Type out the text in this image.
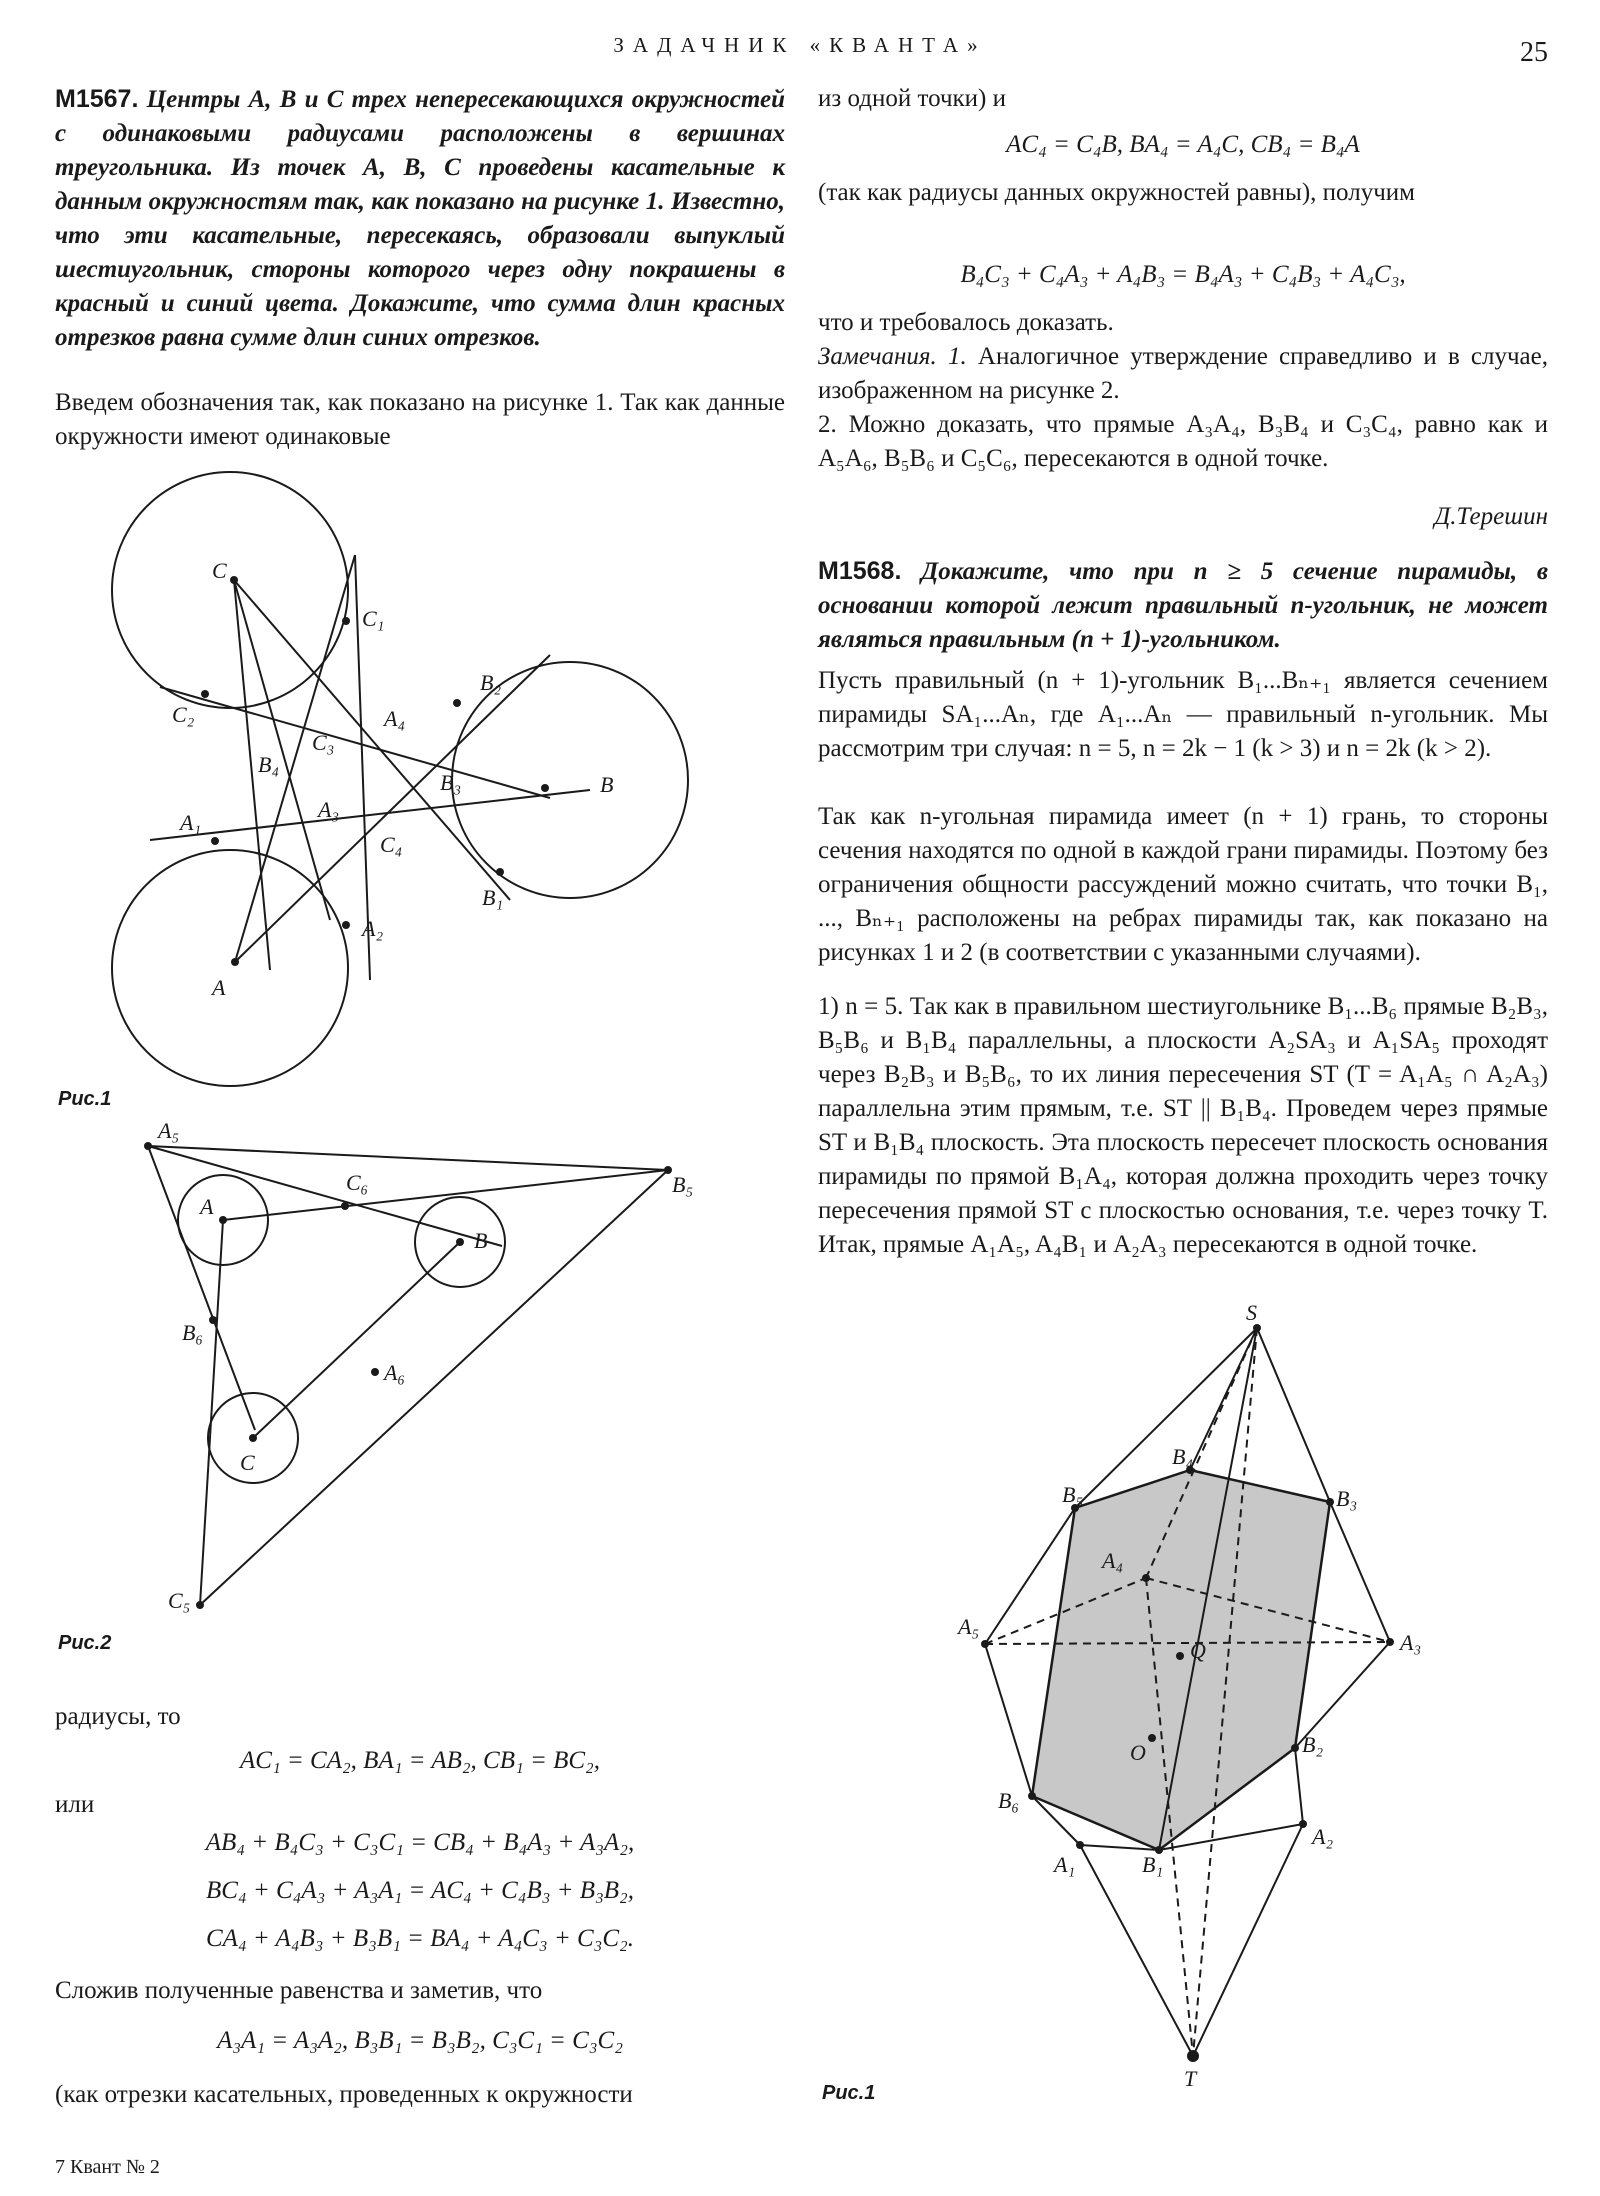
ЗАДАЧНИК «КВАНТА»	25
М1567. Центры A, B и C трех непересекающихся окружностей с одинаковыми радиусами расположены в вершинах треугольника. Из точек A, B, C проведены касательные к данным окружностям так, как показано на рисунке 1. Известно, что эти касательные, пересекаясь, образовали выпуклый шестиугольник, стороны которого через одну покрашены в красный и синий цвета. Докажите, что сумма длин красных отрезков равна сумме длин синих отрезков.
Введем обозначения так, как показано на рисунке 1. Так как данные окружности имеют одинаковые
C
C₁
C₂
C₃
B₂
A₄
B₄
B₃	B
A₁
A₃
C₄
B₁
A₂
A
Рис.1
A₅
A
C₆	B₅
B
B₆
A₆
C
C₅
Рис.2
радиусы, то
AC₁ = CA₂, BA₁ = AB₂, CB₁ = BC₂,
или
AB₄ + B₄C₃ + C₃C₁ = CB₄ + B₄A₃ + A₃A₂,
BC₄ + C₄A₃ + A₃A₁ = AC₄ + C₄B₃ + B₃B₂,
CA₄ + A₄B₃ + B₃B₁ = BA₄ + A₄C₃ + C₃C₂.
Сложив полученные равенства и заметив, что
A₃A₁ = A₃A₂, B₃B₁ = B₃B₂, C₃C₁ = C₃C₂
(как отрезки касательных, проведенных к окружности
7 Квант № 2
из одной точки) и
AC₄ = C₄B, BA₄ = A₄C, CB₄ = B₄A
(так как радиусы данных окружностей равны), получим
B₄C₃ + C₄A₃ + A₄B₃ = B₄A₃ + C₄B₃ + A₄C₃,
что и требовалось доказать.
Замечания. 1. Аналогичное утверждение справедливо и в случае, изображенном на рисунке 2.
2. Можно доказать, что прямые A₃A₄, B₃B₄ и C₃C₄, равно как и A₅A₆, B₅B₆ и C₅C₆, пересекаются в одной точке.
Д.Терешин
М1568. Докажите, что при n ≥ 5 сечение пирамиды, в основании которой лежит правильный n-угольник, не может являться правильным (n + 1)-угольником.
Пусть правильный (n + 1)-угольник B₁...Bₙ₊₁ является сечением пирамиды SA₁...Aₙ, где A₁...Aₙ — правильный n-угольник. Мы рассмотрим три случая: n = 5, n = 2k − 1 (k > 3) и n = 2k (k > 2).
Так как n-угольная пирамида имеет (n + 1) грань, то стороны сечения находятся по одной в каждой грани пирамиды. Поэтому без ограничения общности рассуждений можно считать, что точки B₁, ..., Bₙ₊₁ расположены на ребрах пирамиды так, как показано на рисунках 1 и 2 (в соответствии с указанными случаями).
1) n = 5. Так как в правильном шестиугольнике B₁...B₆ прямые B₂B₃, B₅B₆ и B₁B₄ параллельны, а плоскости A₂SA₃ и A₁SA₅ проходят через B₂B₃ и B₅B₆, то их линия пересечения ST (T = A₁A₅ ∩ A₂A₃) параллельна этим прямым, т.е. ST || B₁B₄. Проведем через прямые ST и B₁B₄ плоскость. Эта плоскость пересечет плоскость основания пирамиды по прямой B₁A₄, которая должна проходить через точку пересечения прямой ST с плоскостью основания, т.е. через точку T. Итак, прямые A₁A₅, A₄B₁ и A₂A₃ пересекаются в одной точке.
S
B₄
B₅	B₃
A₄
A₅
A₃
Q
O
B₆
B₂
A₁	B₁
A₂
T
Рис.1
